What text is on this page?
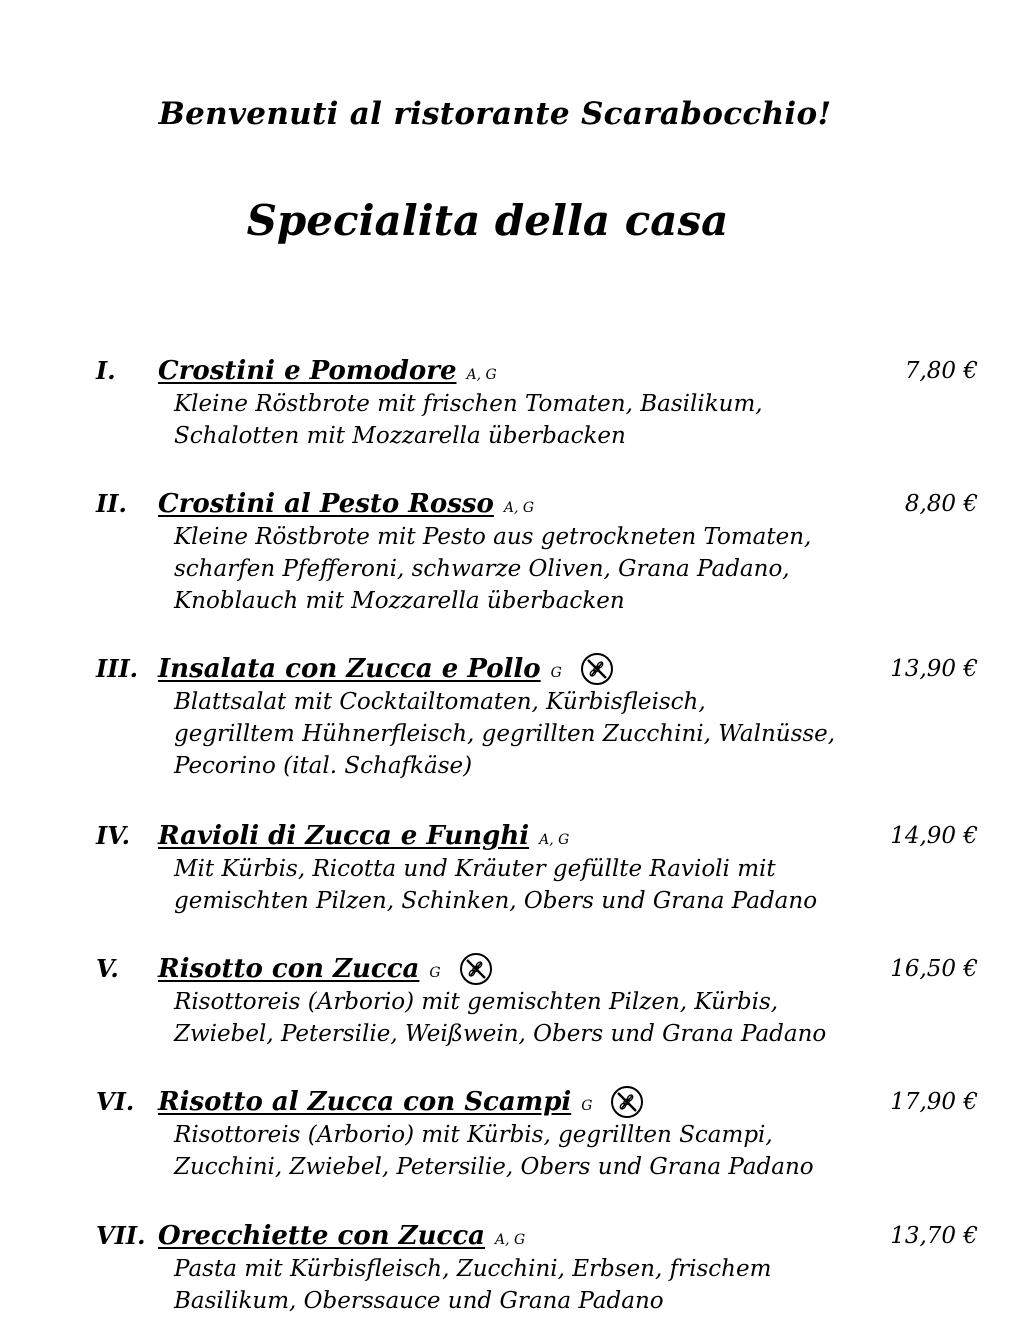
Benvenuti al ristorante Scarabocchio!
Specialita della casa
I. Crostini e Pomodore A, G	7,80 €
Kleine Röstbrote mit frischen Tomaten, Basilikum,
Schalotten mit Mozzarella überbacken
II. Crostini al Pesto Rosso A, G	8,80 €
Kleine Röstbrote mit Pesto aus getrockneten Tomaten,
scharfen Pfefferoni, schwarze Oliven, Grana Padano,
Knoblauch mit Mozzarella überbacken
III. Insalata con Zucca e Pollo G	13,90 €
Blattsalat mit Cocktailtomaten, Kürbisfleisch,
gegrilltem Hühnerfleisch, gegrillten Zucchini, Walnüsse,
Pecorino (ital. Schafkäse)
IV. Ravioli di Zucca e Funghi A, G	14,90 €
Mit Kürbis, Ricotta und Kräuter gefüllte Ravioli mit
gemischten Pilzen, Schinken, Obers und Grana Padano
V. Risotto con Zucca G	16,50 €
Risottoreis (Arborio) mit gemischten Pilzen, Kürbis,
Zwiebel, Petersilie, Weißwein, Obers und Grana Padano
VI. Risotto al Zucca con Scampi G	17,90 €
Risottoreis (Arborio) mit Kürbis, gegrillten Scampi,
Zucchini, Zwiebel, Petersilie, Obers und Grana Padano
VII. Orecchiette con Zucca A, G	13,70 €
Pasta mit Kürbisfleisch, Zucchini, Erbsen, frischem
Basilikum, Oberssauce und Grana Padano
